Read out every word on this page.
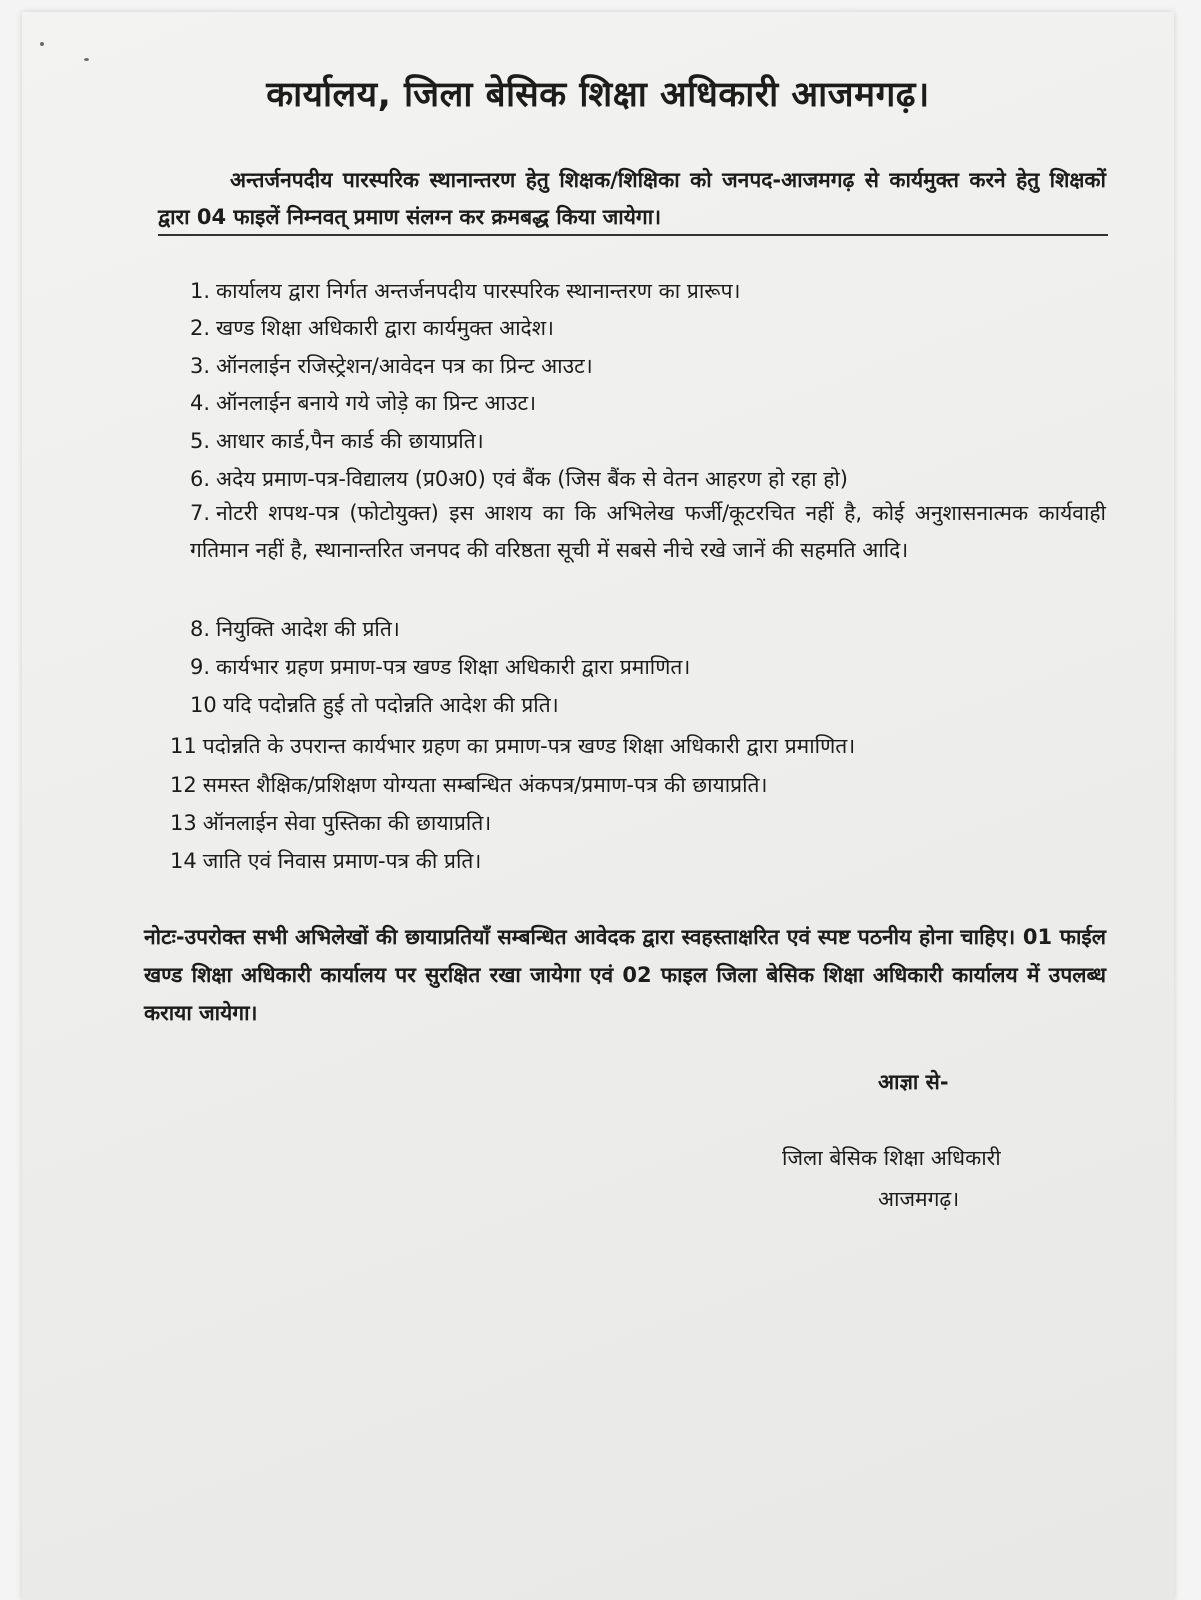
कार्यालय, जिला बेसिक शिक्षा अधिकारी आजमगढ़।
अन्तर्जनपदीय पारस्परिक स्थानान्तरण हेतु शिक्षक/शिक्षिका को जनपद-आजमगढ़ से कार्यमुक्त करने हेतु शिक्षकों द्वारा 04 फाइलें निम्नवत् प्रमाण संलग्न कर क्रमबद्ध किया जायेगा।
1. कार्यालय द्वारा निर्गत अन्तर्जनपदीय पारस्परिक स्थानान्तरण का प्रारूप।
2. खण्ड शिक्षा अधिकारी द्वारा कार्यमुक्त आदेश।
3. ऑनलाईन रजिस्ट्रेशन/आवेदन पत्र का प्रिन्ट आउट।
4. ऑनलाईन बनाये गये जोड़े का प्रिन्ट आउट।
5. आधार कार्ड,पैन कार्ड की छायाप्रति।
6. अदेय प्रमाण-पत्र-विद्यालय (प्र0अ0) एवं बैंक (जिस बैंक से वेतन आहरण हो रहा हो)
7. नोटरी शपथ-पत्र (फोटोयुक्त) इस आशय का कि अभिलेख फर्जी/कूटरचित नहीं है, कोई अनुशासनात्मक कार्यवाही गतिमान नहीं है, स्थानान्तरित जनपद की वरिष्ठता सूची में सबसे नीचे रखे जानें की सहमति आदि।
8. नियुक्ति आदेश की प्रति।
9. कार्यभार ग्रहण प्रमाण-पत्र खण्ड शिक्षा अधिकारी द्वारा प्रमाणित।
10 यदि पदोन्नति हुई तो पदोन्नति आदेश की प्रति।
11 पदोन्नति के उपरान्त कार्यभार ग्रहण का प्रमाण-पत्र खण्ड शिक्षा अधिकारी द्वारा प्रमाणित।
12 समस्त शैक्षिक/प्रशिक्षण योग्यता सम्बन्धित अंकपत्र/प्रमाण-पत्र की छायाप्रति।
13 ऑनलाईन सेवा पुस्तिका की छायाप्रति।
14 जाति एवं निवास प्रमाण-पत्र की प्रति।
नोटः-उपरोक्त सभी अभिलेखों की छायाप्रतियाँ सम्बन्धित आवेदक द्वारा स्वहस्ताक्षरित एवं स्पष्ट पठनीय होना चाहिए। 01 फाईल खण्ड शिक्षा अधिकारी कार्यालय पर सुरक्षित रखा जायेगा एवं 02 फाइल जिला बेसिक शिक्षा अधिकारी कार्यालय में उपलब्ध कराया जायेगा।
आज्ञा से-
जिला बेसिक शिक्षा अधिकारी
आजमगढ़।
